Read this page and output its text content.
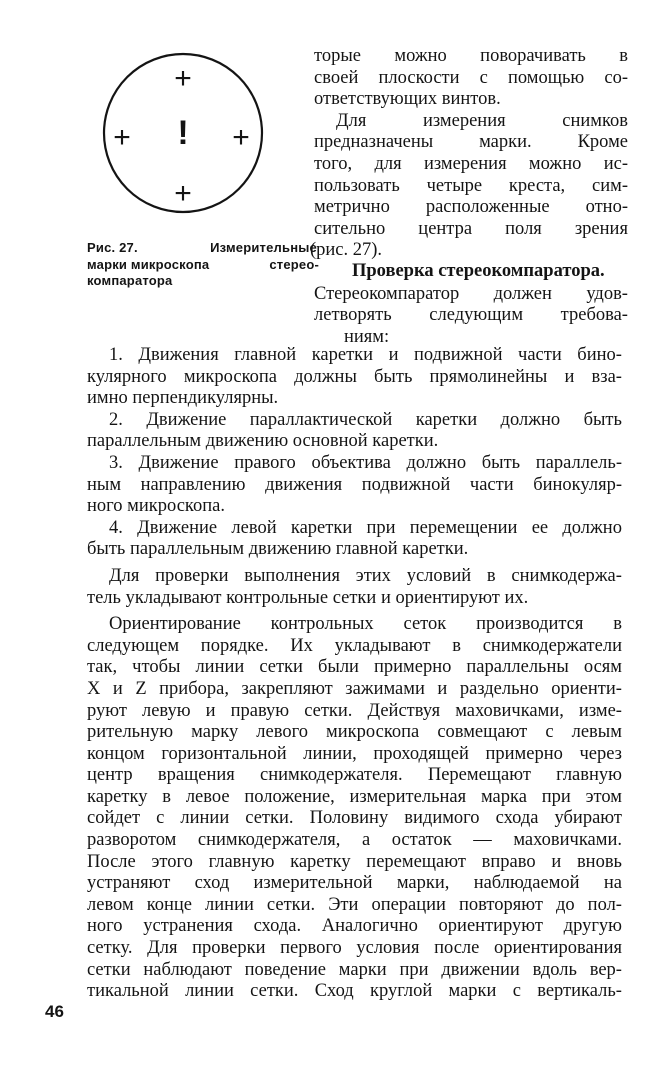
+
+	+
+
!
Рис. 27.	Измерительные
марки микроскопа	стерео-
компаратора
торые можно поворачивать в
своей плоскости с помощью со-
ответствующих винтов.
Для	измерения	снимков
предназначены марки. Кроме
того, для измерения можно ис-
пользовать четыре креста, сим-
метрично расположенные отно-
сительно центра поля зрения
(рис. 27).
Проверка стереокомпаратора.
Стереокомпаратор должен удов-
летворять следующим требова-
ниям:
1. Движения главной каретки и подвижной части бино-
кулярного микроскопа должны быть прямолинейны и вза-
имно перпендикулярны.
2. Движение параллактической каретки должно быть
параллельным движению основной каретки.
3. Движение правого объектива должно быть параллель-
ным направлению движения подвижной части бинокуляр-
ного микроскопа.
4. Движение левой каретки при перемещении ее должно
быть параллельным движению главной каретки.
Для проверки выполнения этих условий в снимкодержа-
тель укладывают контрольные сетки и ориентируют их.
Ориентирование контрольных сеток производится в
следующем порядке. Их укладывают в снимкодержатели
так, чтобы линии сетки были примерно параллельны осям
X и Z прибора, закрепляют зажимами и раздельно ориенти-
руют левую и правую сетки. Действуя маховичками, изме-
рительную марку левого микроскопа совмещают с левым
концом горизонтальной линии, проходящей примерно через
центр вращения снимкодержателя. Перемещают главную
каретку в левое положение, измерительная марка при этом
сойдет с линии сетки. Половину видимого схода убирают
разворотом снимкодержателя, а остаток — маховичками.
После этого главную каретку перемещают вправо и вновь
устраняют сход измерительной марки, наблюдаемой на
левом конце линии сетки. Эти операции повторяют до пол-
ного устранения схода. Аналогично ориентируют другую
сетку. Для проверки первого условия после ориентирования
сетки наблюдают поведение марки при движении вдоль вер-
тикальной линии сетки. Сход круглой марки с вертикаль-
46
